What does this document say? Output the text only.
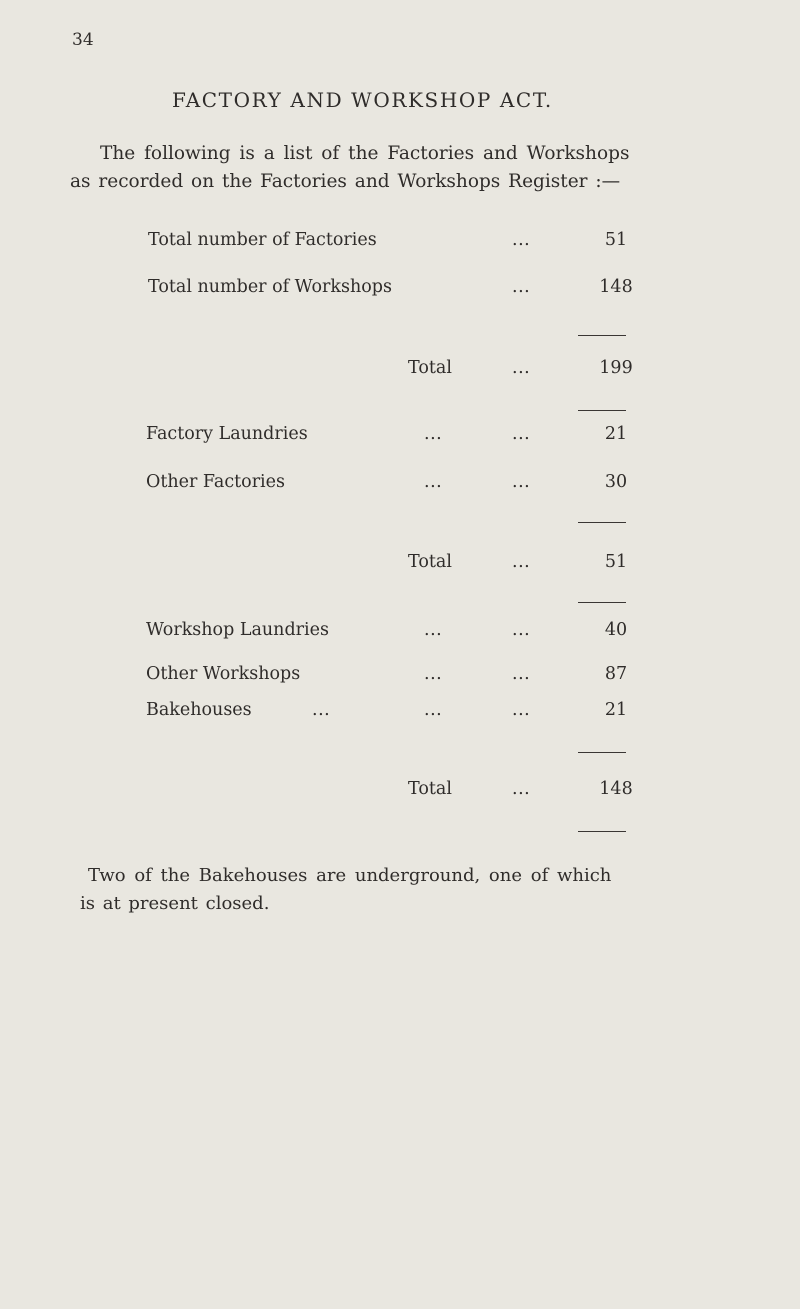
34
FACTORY AND WORKSHOP ACT.
The following is a list of the Factories and Workshops
as recorded on the Factories and Workshops Register :—
Total number of Factories	...	51
Total number of Workshops	...	148
Total	...	199
Factory Laundries	...	...	21
Other Factories	...	...	30
Total	...	51
Workshop Laundries	...	...	40
Other Workshops	...	...	87
Bakehouses	...	...	...	21
Total	...	148
Two of the Bakehouses are underground, one of which
is at present closed.
